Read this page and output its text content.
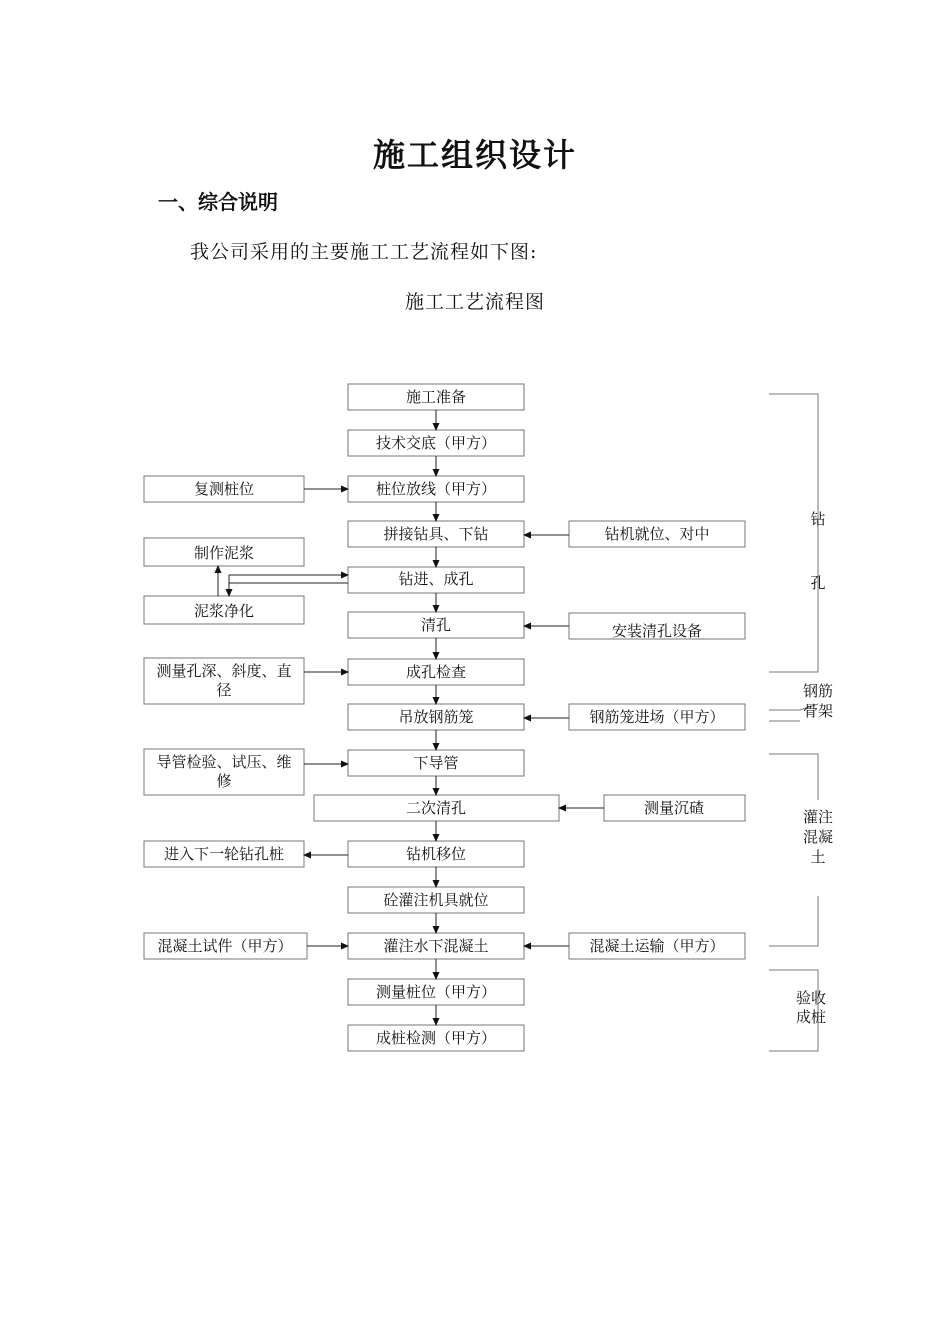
施工组织设计
一、综合说明
我公司采用的主要施工工艺流程如下图:
施工工艺流程图
施工准备
技术交底（甲方）
桩位放线（甲方）
拼接钻具、下钻
钻进、成孔
清孔
成孔检查
吊放钢筋笼
下导管
二次清孔
钻机移位
砼灌注机具就位
灌注水下混凝土
测量桩位（甲方）
成桩检测（甲方）
复测桩位
制作泥浆
泥浆净化
测量孔深、斜度、直
径
导管检验、试压、维
修
进入下一轮钻孔桩
混凝土试件（甲方）
钻机就位、对中
安装清孔设备
钢筋笼进场（甲方）
测量沉碴
混凝土运输（甲方）
钻
孔
钢筋
骨架
灌注
混凝
土
验收
成桩
